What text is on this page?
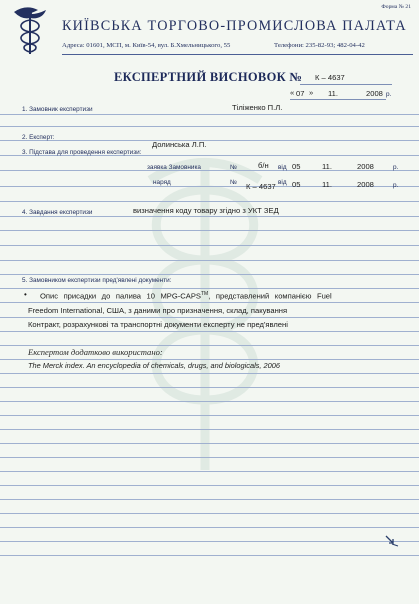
Форма № 21
КИЇВСЬКА ТОРГОВО-ПРОМИСЛОВА ПАЛАТА
Адреса: 01601, МСП, м. Київ-54, вул. Б.Хмельницького, 55	Телефони: 235-82-93; 482-04-42
ЕКСПЕРТНИЙ ВИСНОВОК № К – 4637
« 07 » 11.	2008 р.
1. Замовник експертизи	Тіліженко П.Л.
2. Експерт:
Долинська Л.П.
3. Підстава для проведення експертизи:
заявка Замовника	№	б/н від 05	11.	2008	р.
наряд	№ К – 4637 від 05	11.	2008	р.
4. Завдання експертизи	визначення коду товару згідно з УКТ ЗЕД
5. Замовником експертизи пред'явлені документи:
• Опис присадки до палива 10 MPG-CAPS™, представлений компанією Fuel
Freedom International, США, з даними про призначення, склад, пакування
Контракт, розрахункові та транспортні документи експерту не пред'явлені
Експертом додатково використано:
The Merck index. An encyclopedia of chemicals, drugs, and biologicals, 2006
